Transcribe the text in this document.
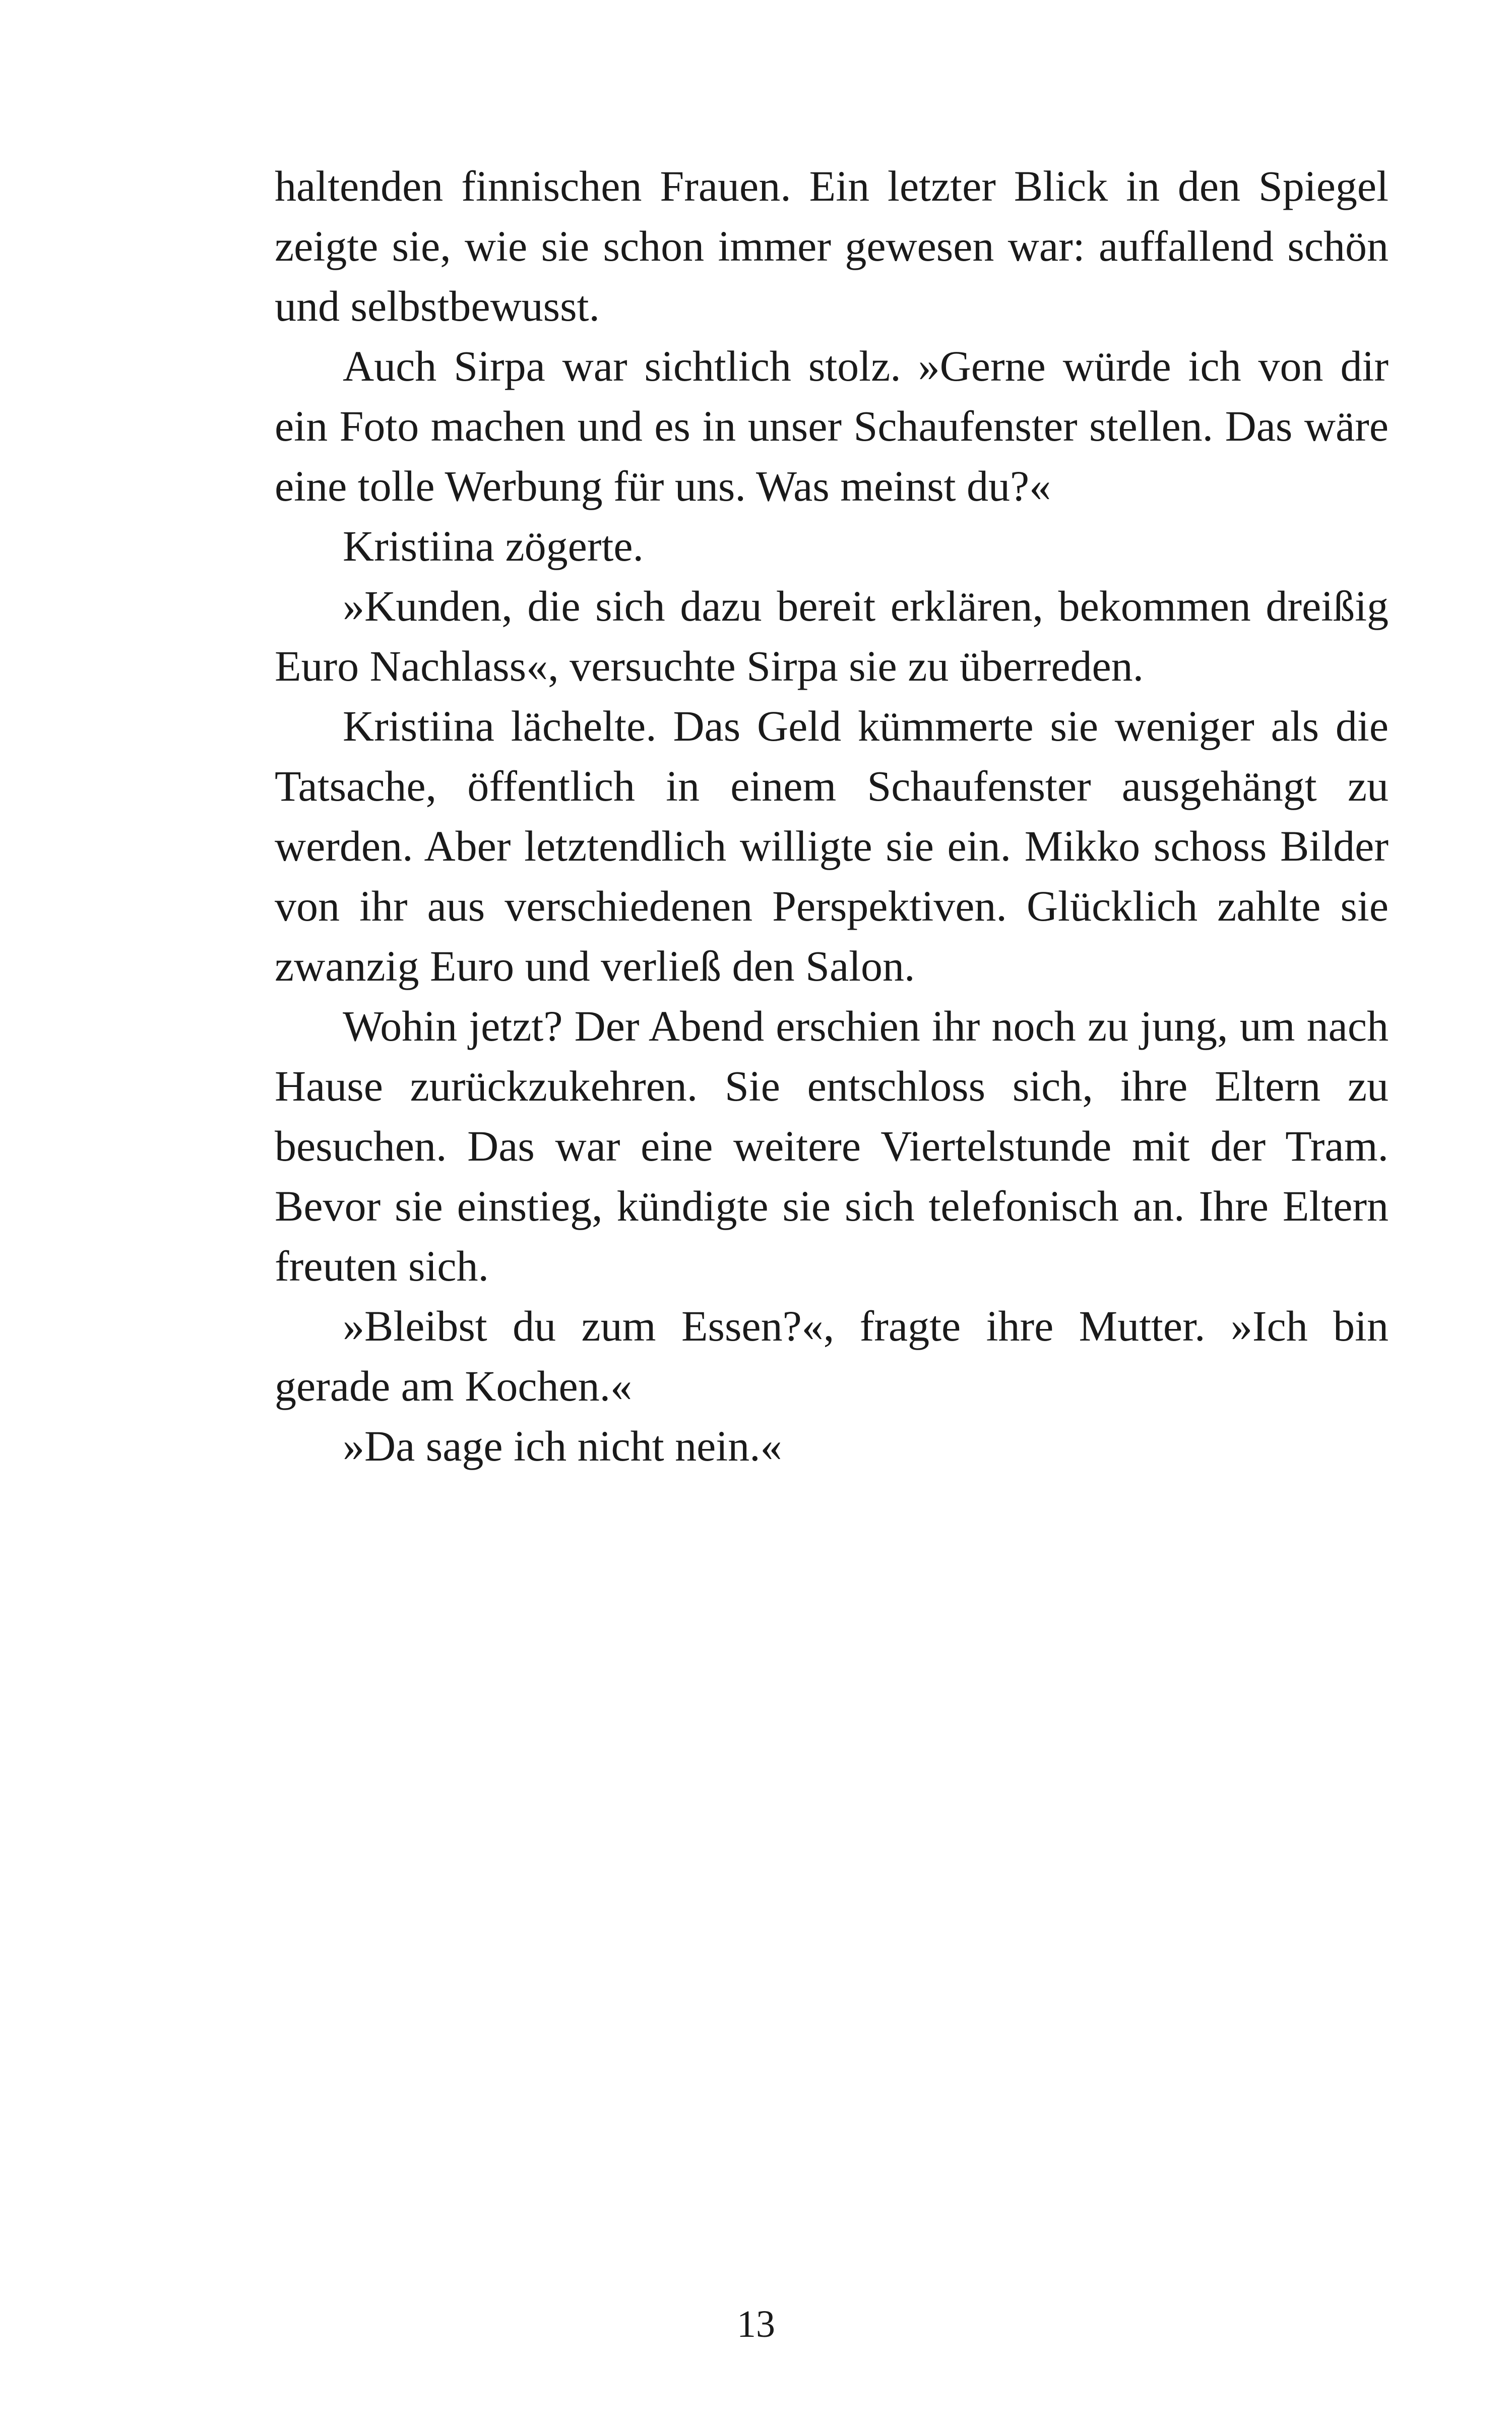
haltenden finnischen Frauen. Ein letzter Blick in den Spiegel zeigte sie, wie sie schon immer gewesen war: auffallend schön und selbstbewusst.

Auch Sirpa war sichtlich stolz. »Gerne würde ich von dir ein Foto machen und es in unser Schaufenster stellen. Das wäre eine tolle Werbung für uns. Was meinst du?«

Kristiina zögerte.

»Kunden, die sich dazu bereit erklären, bekommen dreißig Euro Nachlass«, versuchte Sirpa sie zu überreden.

Kristiina lächelte. Das Geld kümmerte sie weniger als die Tatsache, öffentlich in einem Schaufenster ausgehängt zu werden. Aber letztendlich willigte sie ein. Mikko schoss Bilder von ihr aus verschiedenen Perspektiven. Glücklich zahlte sie zwanzig Euro und verließ den Salon.

Wohin jetzt? Der Abend erschien ihr noch zu jung, um nach Hause zurückzukehren. Sie entschloss sich, ihre Eltern zu besuchen. Das war eine weitere Viertelstunde mit der Tram. Bevor sie einstieg, kündigte sie sich telefonisch an. Ihre Eltern freuten sich.

»Bleibst du zum Essen?«, fragte ihre Mutter. »Ich bin gerade am Kochen.«

»Da sage ich nicht nein.«

13
